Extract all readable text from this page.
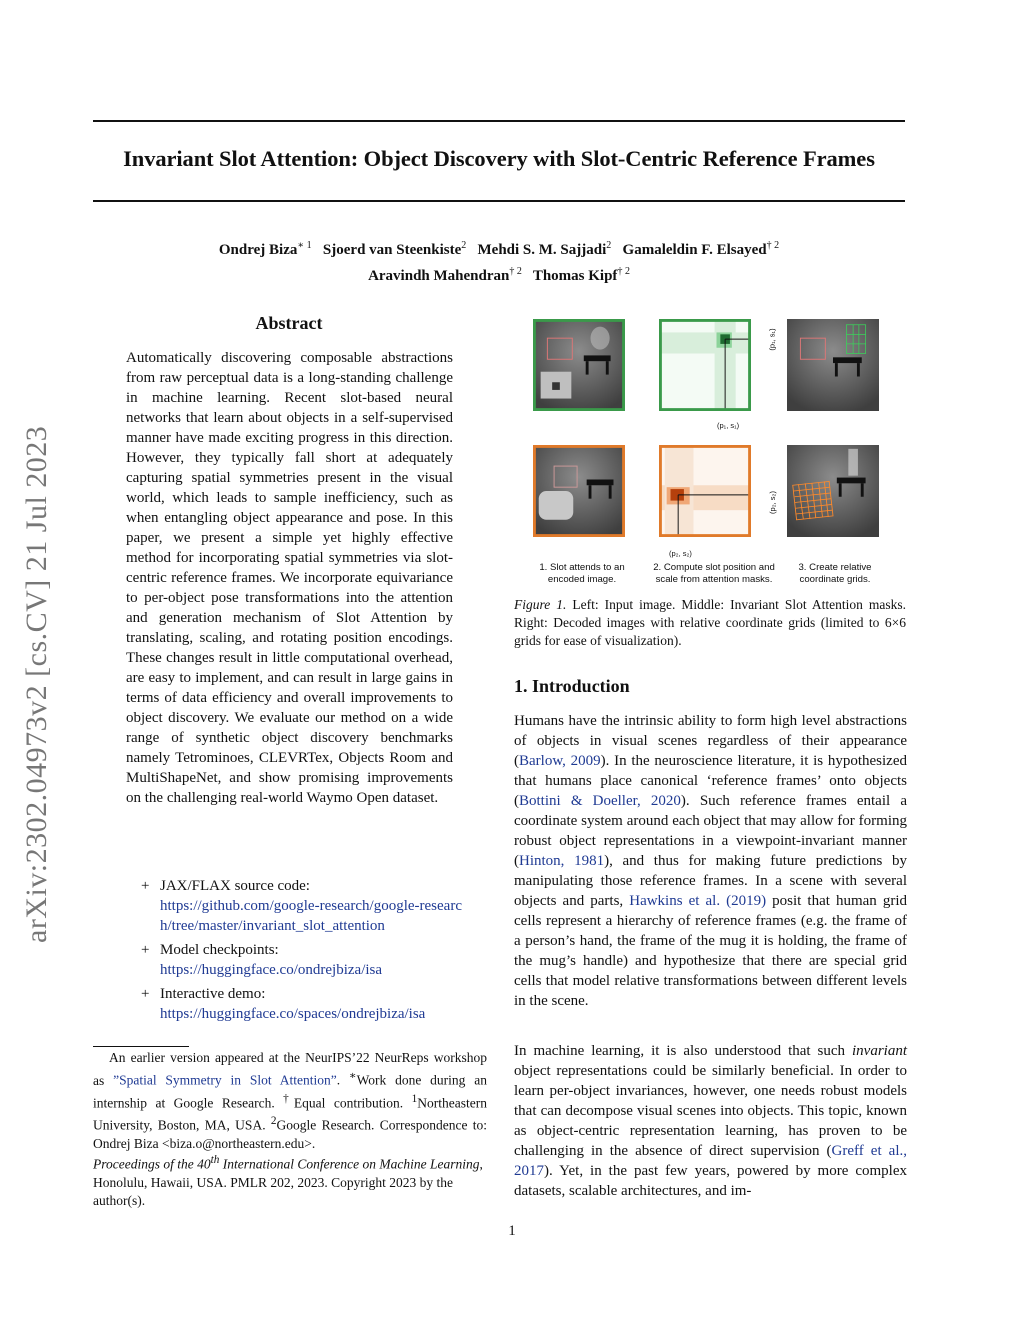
Invariant Slot Attention: Object Discovery with Slot-Centric Reference Frames
Ondrej Biza$^{∗ 1}$ Sjoerd van Steenkiste$^2$ Mehdi S. M. Sajjadi$^2$ Gamaleldin F. Elsayed$^{\dagger 2}$
Aravindh Mahendran$^{\dagger 2}$ Thomas Kipf$^{\dagger 2}$
arXiv:2302.04973v2 [cs.CV] 21 Jul 2023
Abstract
Automatically discovering composable abstractions from raw perceptual data is a long-standing challenge in machine learning. Recent slot-based neural networks that learn about objects in a self-supervised manner have made exciting progress in this direction. However, they typically fall short at adequately capturing spatial symmetries present in the visual world, which leads to sample inefficiency, such as when entangling object appearance and pose. In this paper, we present a simple yet highly effective method for incorporating spatial symmetries via slot-centric reference frames. We incorporate equivariance to per-object pose transformations into the attention and generation mechanism of Slot Attention by translating, scaling, and rotating position encodings. These changes result in little computational overhead, are easy to implement, and can result in large gains in terms of data efficiency and overall improvements to object discovery. We evaluate our method on a wide range of synthetic object discovery benchmarks namely Tetrominoes, CLEVRTex, Objects Room and MultiShapeNet, and show promising improvements on the challenging real-world Waymo Open dataset.
+ JAX/FLAX source code:
https://github.com/google-research/google-research/tree/master/invariant_slot_attention
+ Model checkpoints:
https://huggingface.co/ondrejbiza/isa
+ Interactive demo:
https://huggingface.co/spaces/ondrejbiza/isa
An earlier version appeared at the NeurIPS’22 NeurReps workshop as ”Spatial Symmetry in Slot Attention”. ∗Work done during an internship at Google Research. †Equal contribution. $^1$Northeastern University, Boston, MA, USA. $^2$Google Research. Correspondence to: Ondrej Biza <biza.o@northeastern.edu>.
Proceedings of the 40th International Conference on Machine Learning, Honolulu, Hawaii, USA. PMLR 202, 2023. Copyright 2023 by the author(s).
(p₁, s₁)
(p₁, s₁)
(p₂, s₂)
(p₂, s₂)
1. Slot attends to an encoded image.
2. Compute slot position and scale from attention masks.
3. Create relative coordinate grids.
Figure 1. Left: Input image. Middle: Invariant Slot Attention masks. Right: Decoded images with relative coordinate grids (limited to 6×6 grids for ease of visualization).
1. Introduction
Humans have the intrinsic ability to form high level abstractions of objects in visual scenes regardless of their appearance (Barlow, 2009). In the neuroscience literature, it is hypothesized that humans place canonical ‘reference frames’ onto objects (Bottini & Doeller, 2020). Such reference frames entail a coordinate system around each object that may allow for forming robust object representations in a viewpoint-invariant manner (Hinton, 1981), and thus for making future predictions by manipulating those reference frames. In a scene with several objects and parts, Hawkins et al. (2019) posit that human grid cells represent a hierarchy of reference frames (e.g. the frame of a person’s hand, the frame of the mug it is holding, the frame of the mug’s handle) and hypothesize that there are special grid cells that model relative transformations between different levels in the scene.
In machine learning, it is also understood that such invariant object representations could be similarly beneficial. In order to learn per-object invariances, however, one needs robust models that can decompose visual scenes into objects. This topic, known as object-centric representation learning, has proven to be challenging in the absence of direct supervision (Greff et al., 2017). Yet, in the past few years, powered by more complex datasets, scalable architectures, and im-
1
